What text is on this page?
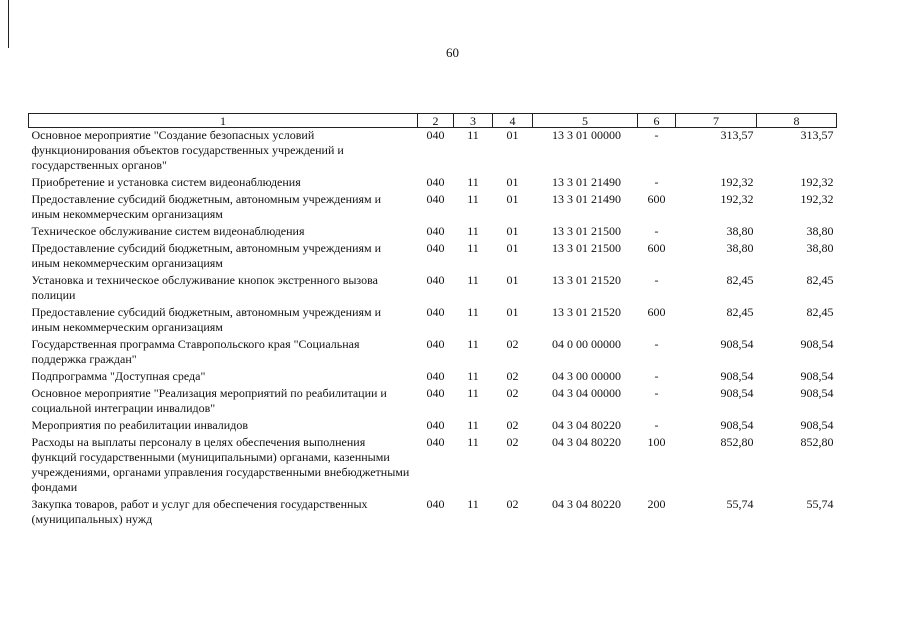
60
1	2	3	4	5	6	7	8
Основное мероприятие "Создание безопасных условий функционирования объектов государственных учреждений и государственных органов"	040	11	01	13 3 01 00000	-	313,57	313,57
Приобретение и установка систем видеонаблюдения	040	11	01	13 3 01 21490	-	192,32	192,32
Предоставление субсидий бюджетным, автономным учреждениям и иным некоммерческим организациям	040	11	01	13 3 01 21490	600	192,32	192,32
Техническое обслуживание систем видеонаблюдения	040	11	01	13 3 01 21500	-	38,80	38,80
Предоставление субсидий бюджетным, автономным учреждениям и иным некоммерческим организациям	040	11	01	13 3 01 21500	600	38,80	38,80
Установка и техническое обслуживание кнопок экстренного вызова полиции	040	11	01	13 3 01 21520	-	82,45	82,45
Предоставление субсидий бюджетным, автономным учреждениям и иным некоммерческим организациям	040	11	01	13 3 01 21520	600	82,45	82,45
Государственная программа Ставропольского края "Социальная поддержка граждан"	040	11	02	04 0 00 00000	-	908,54	908,54
Подпрограмма "Доступная среда"	040	11	02	04 3 00 00000	-	908,54	908,54
Основное мероприятие "Реализация мероприятий по реабилитации и социальной интеграции инвалидов"	040	11	02	04 3 04 00000	-	908,54	908,54
Мероприятия по реабилитации инвалидов	040	11	02	04 3 04 80220	-	908,54	908,54
Расходы на выплаты персоналу в целях обеспечения выполнения функций государственными (муниципальными) органами, казенными учреждениями, органами управления государственными внебюджетными фондами	040	11	02	04 3 04 80220	100	852,80	852,80
Закупка товаров, работ и услуг для обеспечения государственных (муниципальных) нужд	040	11	02	04 3 04 80220	200	55,74	55,74
